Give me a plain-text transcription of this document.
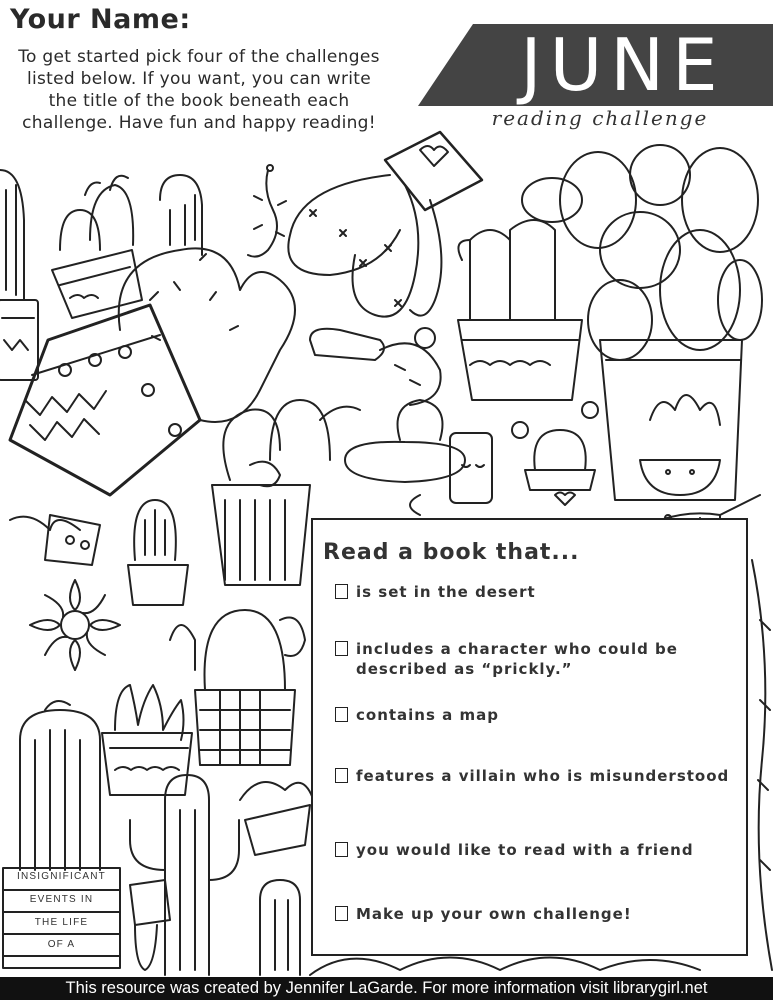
Your Name:
To get started pick four of the challenges listed below. If you want, you can write the title of the book beneath each challenge. Have fun and happy reading!
JUNE
reading challenge
Read a book that...
is set in the desert
includes a character who could be described as “prickly.”
contains a map
features a villain who is misunderstood
you would like to read with a friend
Make up your own challenge!
INSIGNIFICANT
EVENTS IN
THE LIFE
OF A
This resource was created by Jennifer LaGarde. For more information visit librarygirl.net
